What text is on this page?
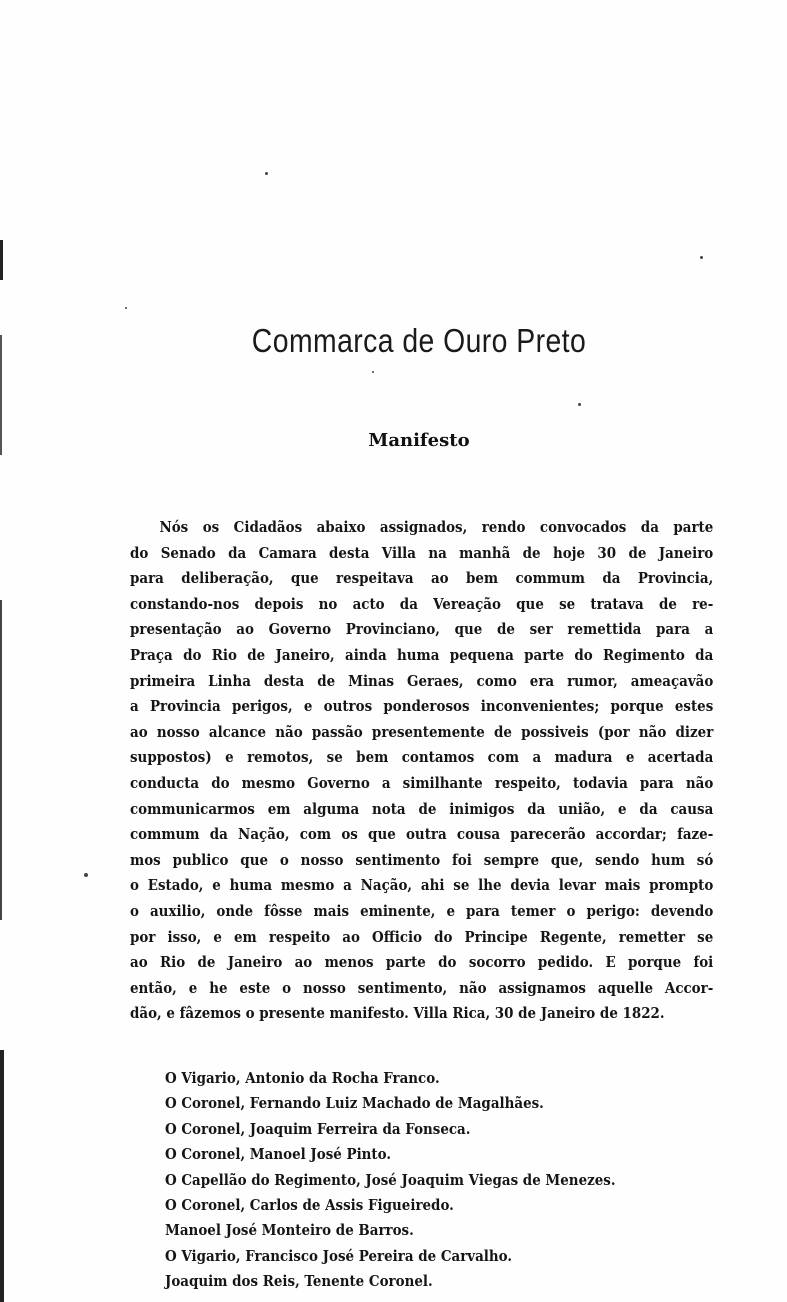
Commarca de Ouro Preto
Manifesto
Nós os Cidadãos abaixo assignados, rendo convocados da parte
do Senado da Camara desta Villa na manhã de hoje 30 de Janeiro
para deliberação, que respeitava ao bem commum da Provincia,
constando-nos depois no acto da Vereação que se tratava de re-
presentação ao Governo Provinciano, que de ser remettida para a
Praça do Rio de Janeiro, ainda huma pequena parte do Regimento da
primeira Linha desta de Minas Geraes, como era rumor, ameaçavão
a Provincia perigos, e outros ponderosos inconvenientes; porque estes
ao nosso alcance não passão presentemente de possiveis (por não dizer
suppostos) e remotos, se bem contamos com a madura e acertada
conducta do mesmo Governo a similhante respeito, todavia para não
communicarmos em alguma nota de inimigos da união, e da causa
commum da Nação, com os que outra cousa parecerão accordar; faze-
mos publico que o nosso sentimento foi sempre que, sendo hum só
o Estado, e huma mesmo a Nação, ahi se lhe devia levar mais prompto
o auxilio, onde fôsse mais eminente, e para temer o perigo: devendo
por isso, e em respeito ao Officio do Principe Regente, remetter se
ao Rio de Janeiro ao menos parte do socorro pedido. E porque foi
então, e he este o nosso sentimento, não assignamos aquelle Accor-
dão, e fâzemos o presente manifesto. Villa Rica, 30 de Janeiro de 1822.
O Vigario, Antonio da Rocha Franco.
O Coronel, Fernando Luiz Machado de Magalhães.
O Coronel, Joaquim Ferreira da Fonseca.
O Coronel, Manoel José Pinto.
O Capellão do Regimento, José Joaquim Viegas de Menezes.
O Coronel, Carlos de Assis Figueiredo.
Manoel José Monteiro de Barros.
O Vigario, Francisco José Pereira de Carvalho.
Joaquim dos Reis, Tenente Coronel.
